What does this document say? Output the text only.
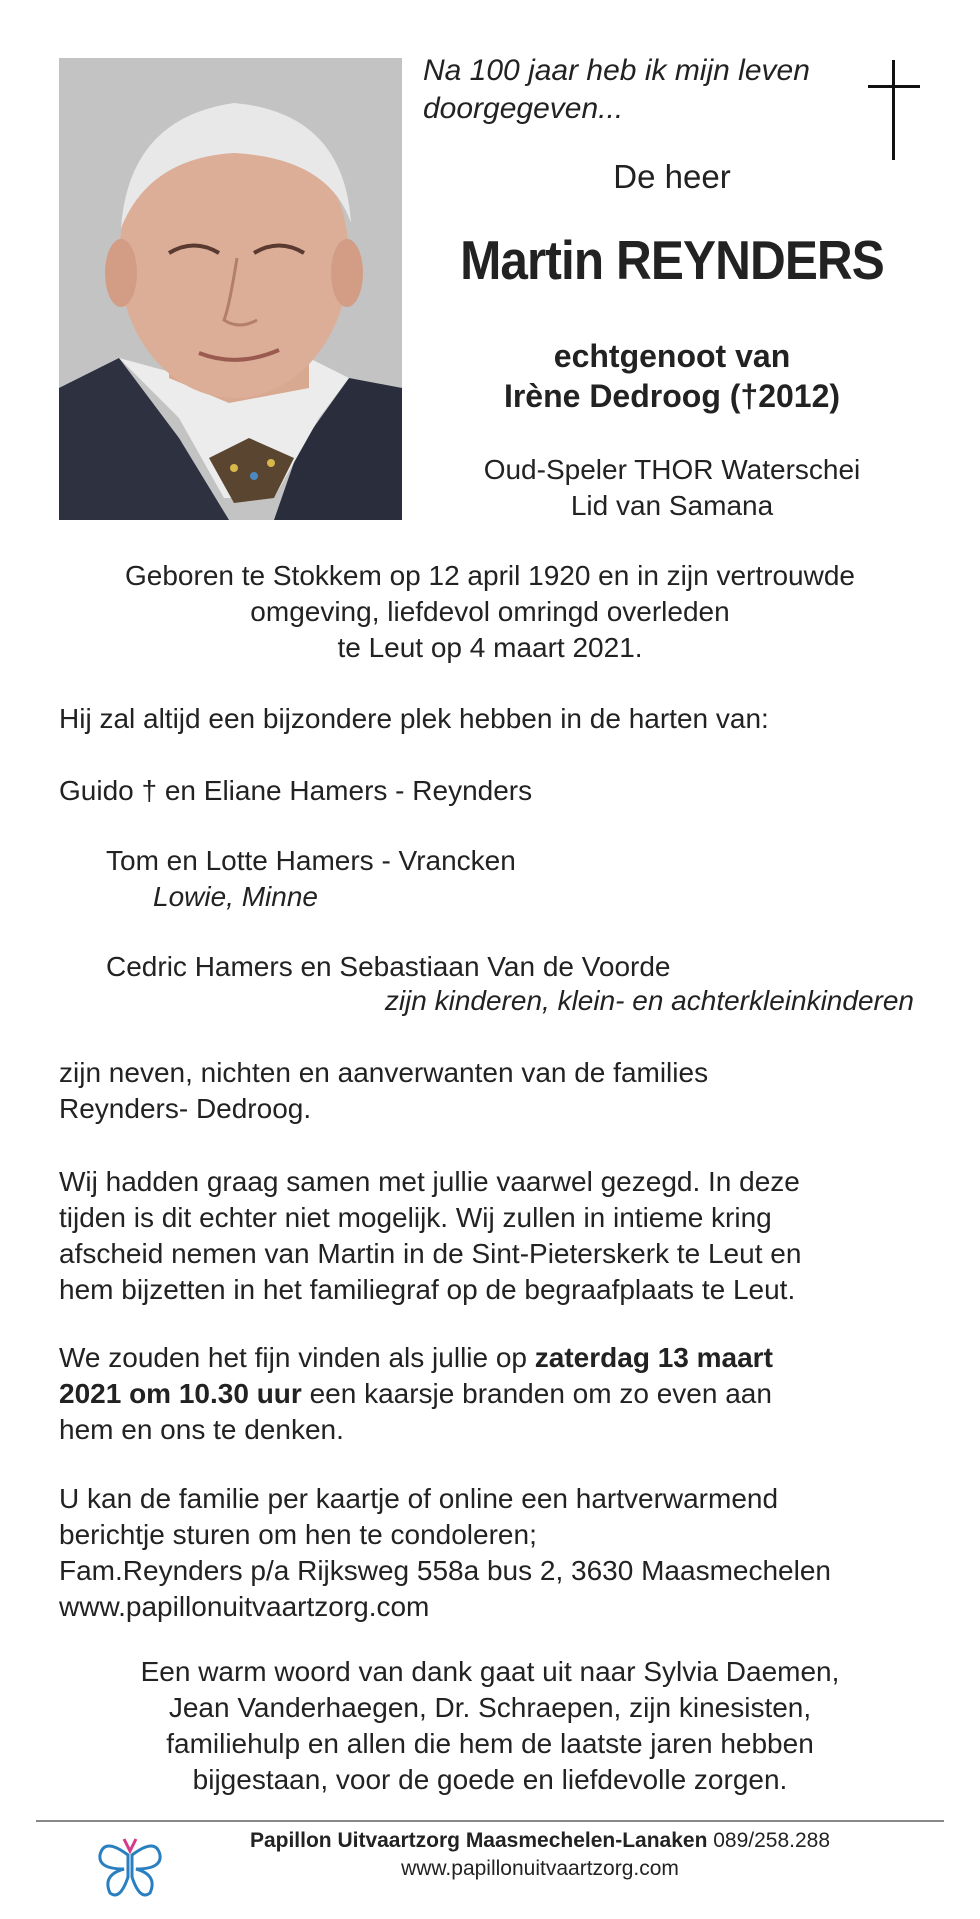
Na 100 jaar heb ik mijn leven
doorgegeven...
De heer
Martin REYNDERS
echtgenoot van
Irène Dedroog (†2012)
Oud-Speler THOR Waterschei
Lid van Samana
Geboren te Stokkem op 12 april 1920 en in zijn vertrouwde
omgeving, liefdevol omringd overleden
te Leut op 4 maart 2021.
Hij zal altijd een bijzondere plek hebben in de harten van:
Guido † en Eliane Hamers - Reynders
Tom en Lotte Hamers - Vrancken
Lowie, Minne
Cedric Hamers en Sebastiaan Van de Voorde
zijn kinderen, klein- en achterkleinkinderen
zijn neven, nichten en aanverwanten van de families
Reynders- Dedroog.
Wij hadden graag samen met jullie vaarwel gezegd. In deze
tijden is dit echter niet mogelijk. Wij zullen in intieme kring
afscheid nemen van Martin in de Sint-Pieterskerk te Leut en
hem bijzetten in het familiegraf op de begraafplaats te Leut.
We zouden het fijn vinden als jullie op zaterdag 13 maart
2021 om 10.30 uur een kaarsje branden om zo even aan
hem en ons te denken.
U kan de familie per kaartje of online een hartverwarmend
berichtje sturen om hen te condoleren;
Fam.Reynders p/a Rijksweg 558a bus 2, 3630 Maasmechelen
www.papillonuitvaartzorg.com
Een warm woord van dank gaat uit naar Sylvia Daemen,
Jean Vanderhaegen, Dr. Schraepen, zijn kinesisten,
familiehulp en allen die hem de laatste jaren hebben
bijgestaan, voor de goede en liefdevolle zorgen.
Papillon Uitvaartzorg Maasmechelen-Lanaken 089/258.288
www.papillonuitvaartzorg.com
